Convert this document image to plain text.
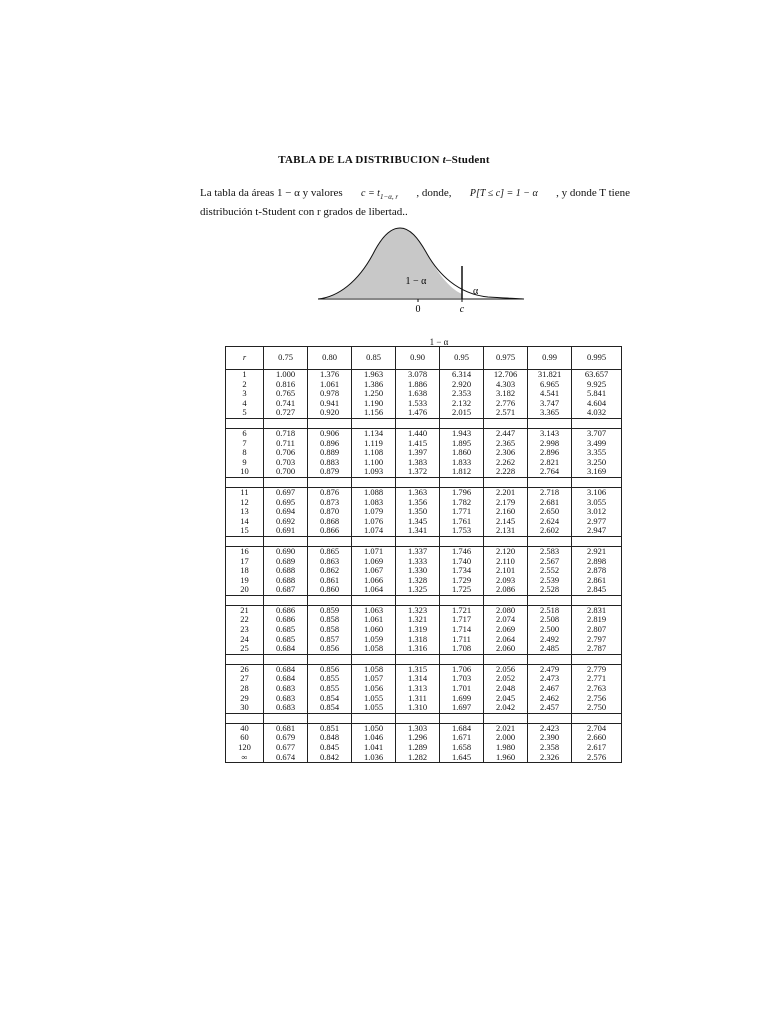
TABLA DE LA DISTRIBUCION t–Student
La tabla da áreas 1 − α y valores $c = t_{1-\alpha, r}$ , donde, P[T ≤ c] = 1 − α , y donde T tiene
distribución t-Student con r grados de libertad..
1 − α
α
0	c
1 − α
r	0.75	0.80	0.85	0.90	0.95	0.975	0.99	0.995
1	1.000	1.376	1.963	3.078	6.314	12.706	31.821	63.657
2	0.816	1.061	1.386	1.886	2.920	4.303	6.965	9.925
3	0.765	0.978	1.250	1.638	2.353	3.182	4.541	5.841
4	0.741	0.941	1.190	1.533	2.132	2.776	3.747	4.604
5	0.727	0.920	1.156	1.476	2.015	2.571	3.365	4.032

6	0.718	0.906	1.134	1.440	1.943	2.447	3.143	3.707
7	0.711	0.896	1.119	1.415	1.895	2.365	2.998	3.499
8	0.706	0.889	1.108	1.397	1.860	2.306	2.896	3.355
9	0.703	0.883	1.100	1.383	1.833	2.262	2.821	3.250
10	0.700	0.879	1.093	1.372	1.812	2.228	2.764	3.169

11	0.697	0.876	1.088	1.363	1.796	2.201	2.718	3.106
12	0.695	0.873	1.083	1.356	1.782	2.179	2.681	3.055
13	0.694	0.870	1.079	1.350	1.771	2.160	2.650	3.012
14	0.692	0.868	1.076	1.345	1.761	2.145	2.624	2.977
15	0.691	0.866	1.074	1.341	1.753	2.131	2.602	2.947

16	0.690	0.865	1.071	1.337	1.746	2.120	2.583	2.921
17	0.689	0.863	1.069	1.333	1.740	2.110	2.567	2.898
18	0.688	0.862	1.067	1.330	1.734	2.101	2.552	2.878
19	0.688	0.861	1.066	1.328	1.729	2.093	2.539	2.861
20	0.687	0.860	1.064	1.325	1.725	2.086	2.528	2.845

21	0.686	0.859	1.063	1.323	1.721	2.080	2.518	2.831
22	0.686	0.858	1.061	1.321	1.717	2.074	2.508	2.819
23	0.685	0.858	1.060	1.319	1.714	2.069	2.500	2.807
24	0.685	0.857	1.059	1.318	1.711	2.064	2.492	2.797
25	0.684	0.856	1.058	1.316	1.708	2.060	2.485	2.787

26	0.684	0.856	1.058	1.315	1.706	2.056	2.479	2.779
27	0.684	0.855	1.057	1.314	1.703	2.052	2.473	2.771
28	0.683	0.855	1.056	1.313	1.701	2.048	2.467	2.763
29	0.683	0.854	1.055	1.311	1.699	2.045	2.462	2.756
30	0.683	0.854	1.055	1.310	1.697	2.042	2.457	2.750

40	0.681	0.851	1.050	1.303	1.684	2.021	2.423	2.704
60	0.679	0.848	1.046	1.296	1.671	2.000	2.390	2.660
120	0.677	0.845	1.041	1.289	1.658	1.980	2.358	2.617
∞	0.674	0.842	1.036	1.282	1.645	1.960	2.326	2.576
